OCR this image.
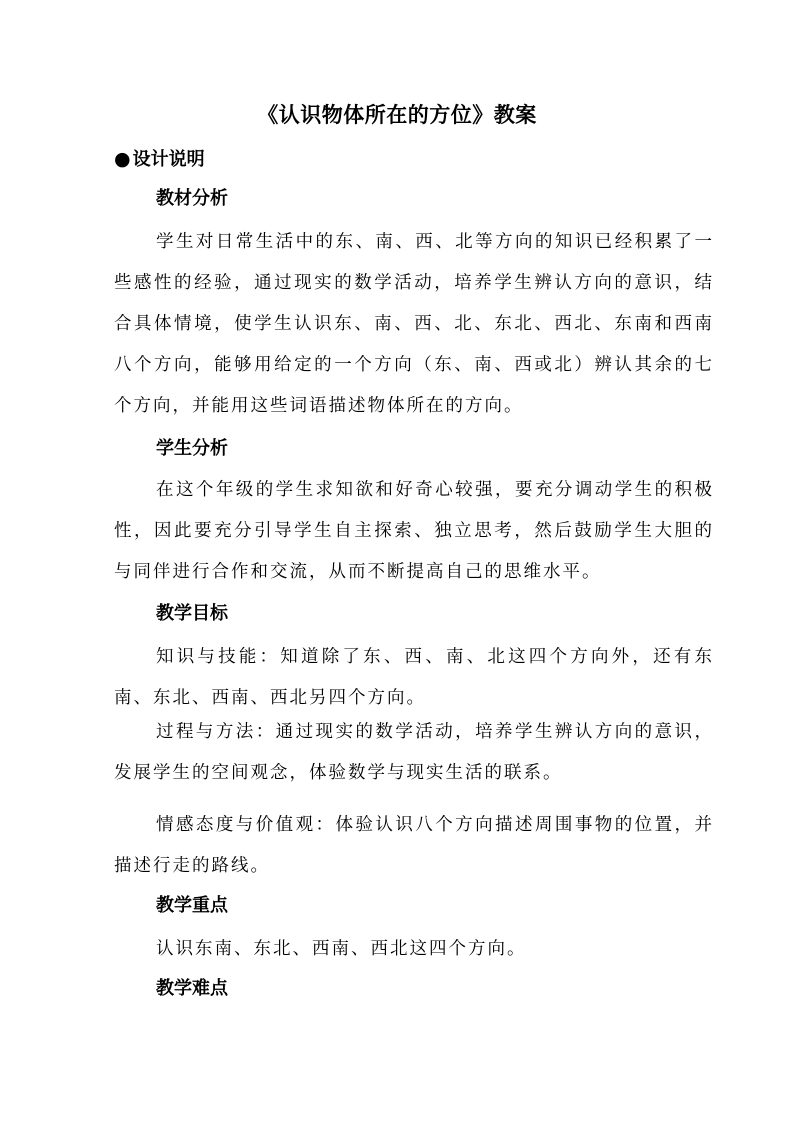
《认识物体所在的方位》教案
● 设计说明
教材分析
学生对日常生活中的东、南、西、北等方向的知识已经积累了一些感性的经验，通过现实的数学活动，培养学生辨认方向的意识，结合具体情境，使学生认识东、南、西、北、东北、西北、东南和西南八个方向，能够用给定的一个方向（东、南、西或北）辨认其余的七个方向，并能用这些词语描述物体所在的方向。
学生分析
在这个年级的学生求知欲和好奇心较强，要充分调动学生的积极性，因此要充分引导学生自主探索、独立思考，然后鼓励学生大胆的与同伴进行合作和交流，从而不断提高自己的思维水平。
教学目标
知识与技能：知道除了东、西、南、北这四个方向外，还有东南、东北、西南、西北另四个方向。
过程与方法：通过现实的数学活动，培养学生辨认方向的意识，发展学生的空间观念，体验数学与现实生活的联系。
情感态度与价值观：体验认识八个方向描述周围事物的位置，并描述行走的路线。
教学重点
认识东南、东北、西南、西北这四个方向。
教学难点
